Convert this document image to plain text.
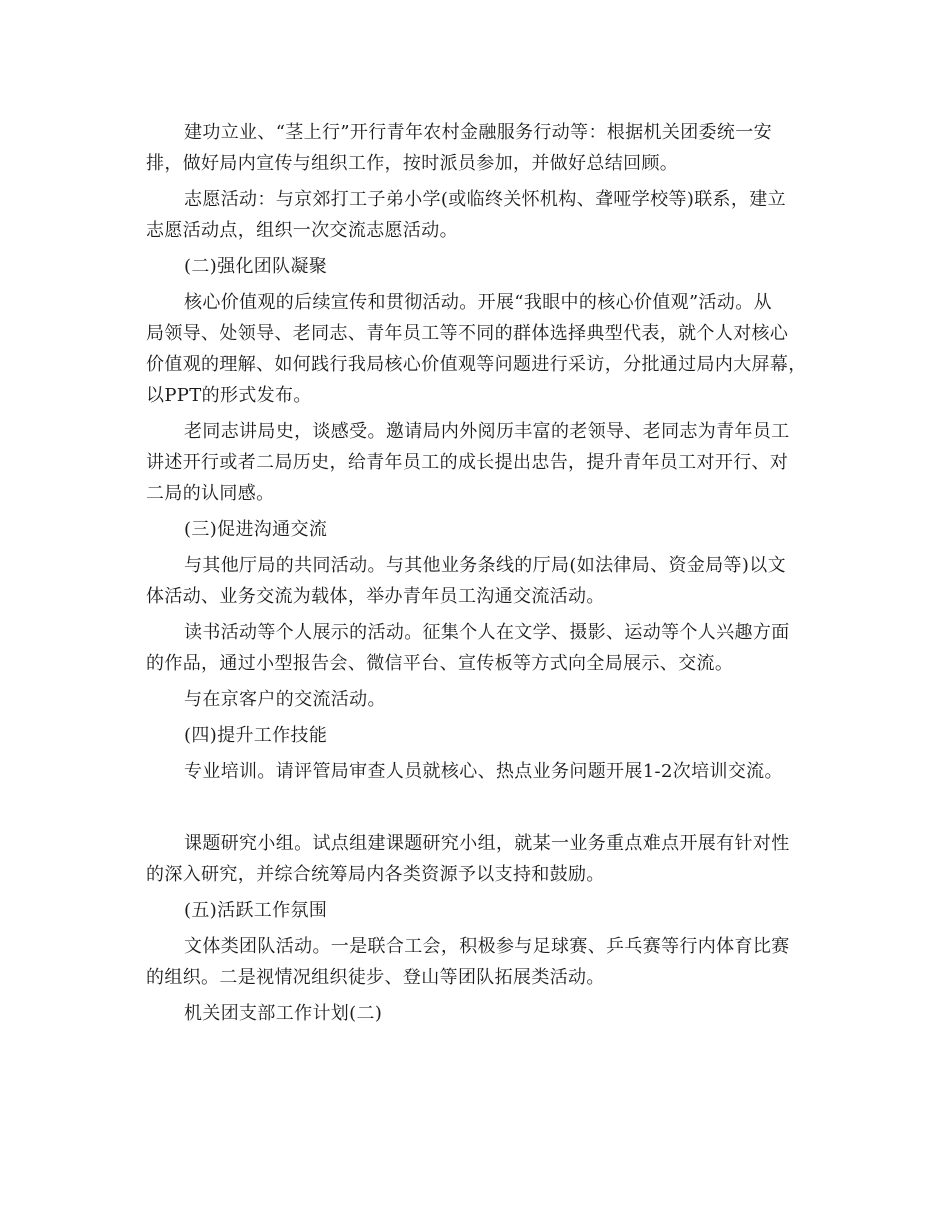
建功立业、“茎上行”开行青年农村金融服务行动等：根据机关团委统一安
排，做好局内宣传与组织工作，按时派员参加，并做好总结回顾。
志愿活动：与京郊打工子弟小学(或临终关怀机构、聋哑学校等)联系，建立
志愿活动点，组织一次交流志愿活动。
(二)强化团队凝聚
核心价值观的后续宣传和贯彻活动。开展“我眼中的核心价值观”活动。从
局领导、处领导、老同志、青年员工等不同的群体选择典型代表，就个人对核心
价值观的理解、如何践行我局核心价值观等问题进行采访，分批通过局内大屏幕，
以PPT的形式发布。
老同志讲局史，谈感受。邀请局内外阅历丰富的老领导、老同志为青年员工
讲述开行或者二局历史，给青年员工的成长提出忠告，提升青年员工对开行、对
二局的认同感。
(三)促进沟通交流
与其他厅局的共同活动。与其他业务条线的厅局(如法律局、资金局等)以文
体活动、业务交流为载体，举办青年员工沟通交流活动。
读书活动等个人展示的活动。征集个人在文学、摄影、运动等个人兴趣方面
的作品，通过小型报告会、微信平台、宣传板等方式向全局展示、交流。
与在京客户的交流活动。
(四)提升工作技能
专业培训。请评管局审查人员就核心、热点业务问题开展1-2次培训交流。
课题研究小组。试点组建课题研究小组，就某一业务重点难点开展有针对性
的深入研究，并综合统筹局内各类资源予以支持和鼓励。
(五)活跃工作氛围
文体类团队活动。一是联合工会，积极参与足球赛、乒乓赛等行内体育比赛
的组织。二是视情况组织徒步、登山等团队拓展类活动。
机关团支部工作计划(二)
